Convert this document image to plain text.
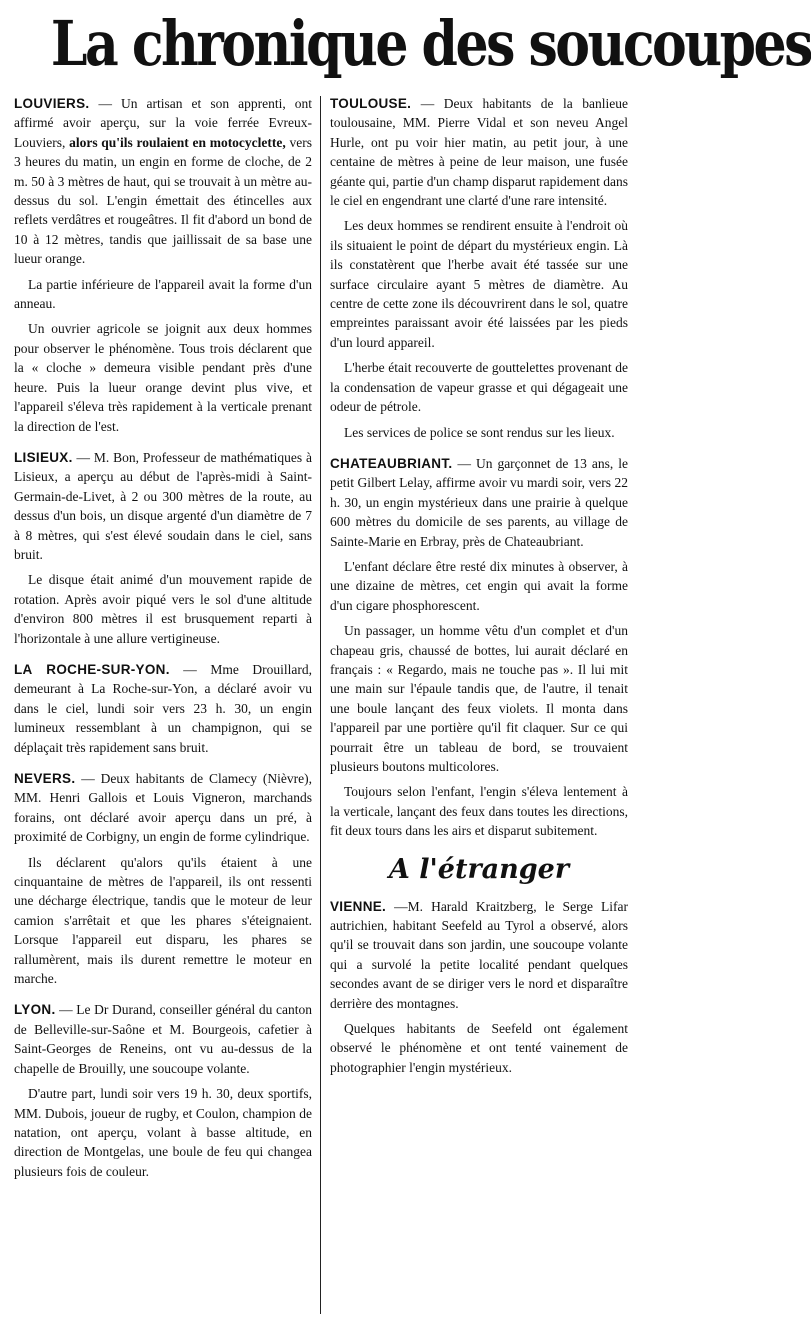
La chronique des soucoupes

LOUVIERS. — Un artisan et son apprenti, ont affirmé avoir aperçu, sur la voie ferrée Evreux-Louviers, alors qu'ils roulaient en motocyclette, vers 3 heures du matin, un engin en forme de cloche, de 2 m. 50 à 3 mètres de haut, qui se trouvait à un mètre au-dessus du sol. L'engin émettait des étincelles aux reflets verdâtres et rougeâtres. Il fit d'abord un bond de 10 à 12 mètres, tandis que jaillissait de sa base une lueur orange.

La partie inférieure de l'appareil avait la forme d'un anneau.

Un ouvrier agricole se joignit aux deux hommes pour observer le phénomène. Tous trois déclarent que la « cloche » demeura visible pendant près d'une heure. Puis la lueur orange devint plus vive, et l'appareil s'éleva très rapidement à la verticale prenant la direction de l'est.

LISIEUX. — M. Bon, Professeur de mathématiques à Lisieux, a aperçu au début de l'après-midi à Saint-Germain-de-Livet, à 2 ou 300 mètres de la route, au dessus d'un bois, un disque argenté d'un diamètre de 7 à 8 mètres, qui s'est élevé soudain dans le ciel, sans bruit.

Le disque était animé d'un mouvement rapide de rotation. Après avoir piqué vers le sol d'une altitude d'environ 800 mètres il est brusquement reparti à l'horizontale à une allure vertigineuse.

LA ROCHE-SUR-YON. — Mme Drouillard, demeurant à La Roche-sur-Yon, a déclaré avoir vu dans le ciel, lundi soir vers 23 h. 30, un engin lumineux ressemblant à un champignon, qui se déplaçait très rapidement sans bruit.

NEVERS. — Deux habitants de Clamecy (Nièvre), MM. Henri Gallois et Louis Vigneron, marchands forains, ont déclaré avoir aperçu dans un pré, à proximité de Corbigny, un engin de forme cylindrique.

Ils déclarent qu'alors qu'ils étaient à une cinquantaine de mètres de l'appareil, ils ont ressenti une décharge électrique, tandis que le moteur de leur camion s'arrêtait et que les phares s'éteignaient. Lorsque l'appareil eut disparu, les phares se rallumèrent, mais ils durent remettre le moteur en marche.

LYON. — Le Dr Durand, conseiller général du canton de Belleville-sur-Saône et M. Bourgeois, cafetier à Saint-Georges de Reneins, ont vu au-dessus de la chapelle de Brouilly, une soucoupe volante.

D'autre part, lundi soir vers 19 h. 30, deux sportifs, MM. Dubois, joueur de rugby, et Coulon, champion de natation, ont aperçu, volant à basse altitude, en direction de Montgelas, une boule de feu qui changea plusieurs fois de couleur.

TOULOUSE. — Deux habitants de la banlieue toulousaine, MM. Pierre Vidal et son neveu Angel Hurle, ont pu voir hier matin, au petit jour, à une centaine de mètres à peine de leur maison, une fusée géante qui, partie d'un champ disparut rapidement dans le ciel en engendrant une clarté d'une rare intensité.

Les deux hommes se rendirent ensuite à l'endroit où ils situaient le point de départ du mystérieux engin. Là ils constatèrent que l'herbe avait été tassée sur une surface circulaire ayant 5 mètres de diamètre. Au centre de cette zone ils découvrirent dans le sol, quatre empreintes paraissant avoir été laissées par les pieds d'un lourd appareil.

L'herbe était recouverte de gouttelettes provenant de la condensation de vapeur grasse et qui dégageait une odeur de pétrole.

Les services de police se sont rendus sur les lieux.

CHATEAUBRIANT. — Un garçonnet de 13 ans, le petit Gilbert Lelay, affirme avoir vu mardi soir, vers 22 h. 30, un engin mystérieux dans une prairie à quelque 600 mètres du domicile de ses parents, au village de Sainte-Marie en Erbray, près de Chateaubriant.

L'enfant déclare être resté dix minutes à observer, à une dizaine de mètres, cet engin qui avait la forme d'un cigare phosphorescent.

Un passager, un homme vêtu d'un complet et d'un chapeau gris, chaussé de bottes, lui aurait déclaré en français : « Regardo, mais ne touche pas ». Il lui mit une main sur l'épaule tandis que, de l'autre, il tenait une boule lançant des feux violets. Il monta dans l'appareil par une portière qu'il fit claquer. Sur ce qui pourrait être un tableau de bord, se trouvaient plusieurs boutons multicolores.

Toujours selon l'enfant, l'engin s'éleva lentement à la verticale, lançant des feux dans toutes les directions, fit deux tours dans les airs et disparut subitement.

A l'étranger

VIENNE. —M. Harald Kraitzberg, le Serge Lifar autrichien, habitant Seefeld au Tyrol a observé, alors qu'il se trouvait dans son jardin, une soucoupe volante qui a survolé la petite localité pendant quelques secondes avant de se diriger vers le nord et disparaître derrière des montagnes.

Quelques habitants de Seefeld ont également observé le phénomène et ont tenté vainement de photographier l'engin mystérieux.
